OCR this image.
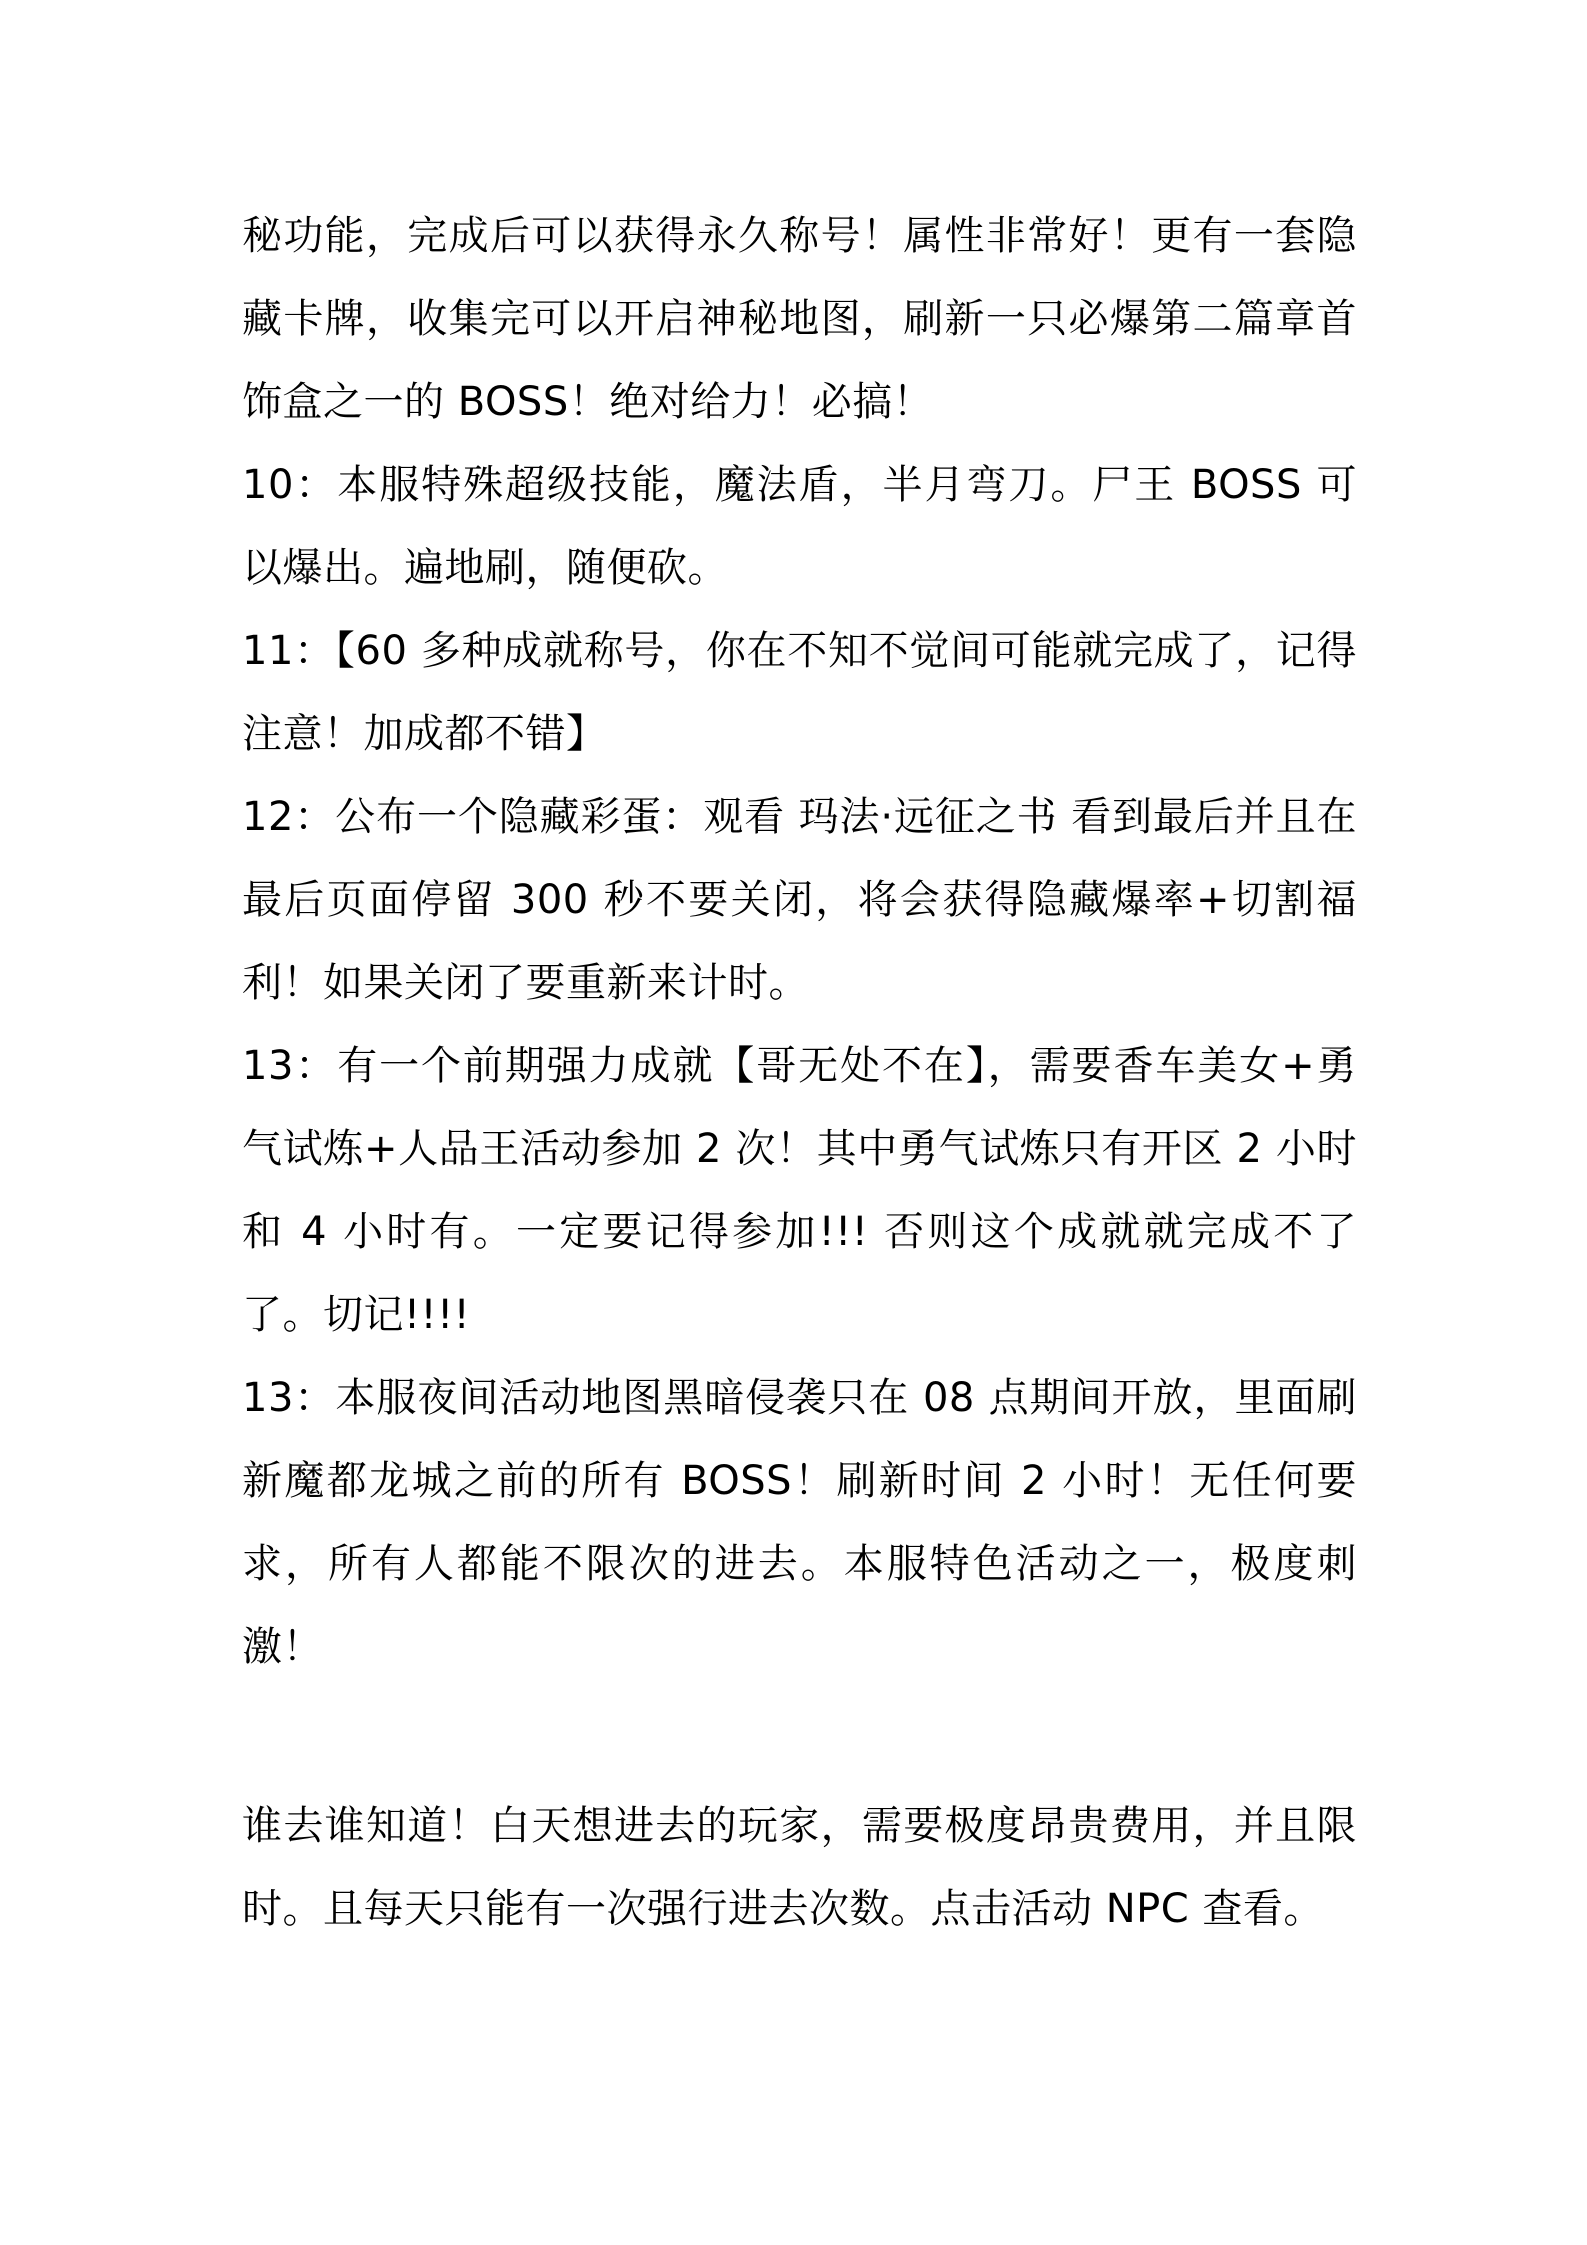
秘功能，完成后可以获得永久称号！属性非常好！更有一套隐藏卡牌，收集完可以开启神秘地图，刷新一只必爆第二篇章首饰盒之一的 BOSS！绝对给力！必搞！

10：本服特殊超级技能，魔法盾，半月弯刀。尸王 BOSS 可以爆出。遍地刷，随便砍。

11：【60 多种成就称号，你在不知不觉间可能就完成了，记得注意！加成都不错】

12：公布一个隐藏彩蛋：观看 玛法·远征之书 看到最后并且在最后页面停留 300 秒不要关闭，将会获得隐藏爆率+切割福利！如果关闭了要重新来计时。

13：有一个前期强力成就【哥无处不在】，需要香车美女+勇气试炼+人品王活动参加 2 次！其中勇气试炼只有开区 2 小时和 4 小时有。一定要记得参加!!! 否则这个成就就完成不了了。切记!!!!

13：本服夜间活动地图黑暗侵袭只在 08 点期间开放，里面刷新魔都龙城之前的所有 BOSS！刷新时间 2 小时！无任何要求，所有人都能不限次的进去。本服特色活动之一，极度刺激！

谁去谁知道！白天想进去的玩家，需要极度昂贵费用，并且限时。且每天只能有一次强行进去次数。点击活动 NPC 查看。
